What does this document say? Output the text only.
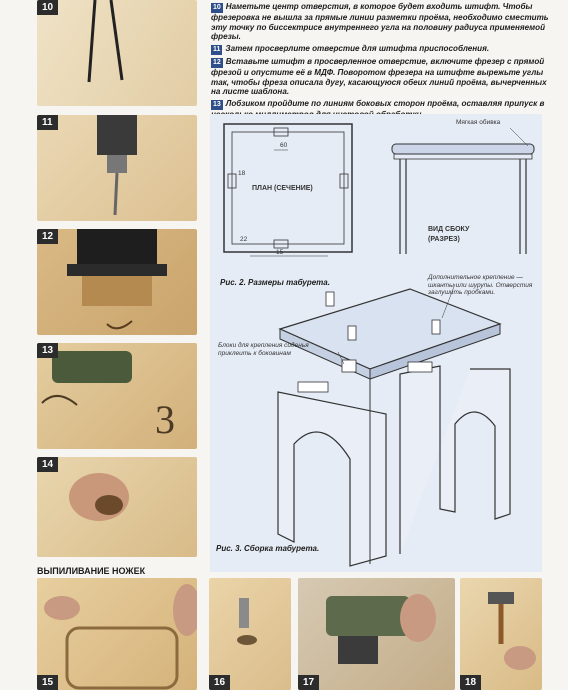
10
11
12
13
3
14

10 Наметьте центр отверстия, в которое будет входить штифт. Чтобы фрезеровка не вышла за прямые линии разметки проёма, необходимо сместить эту точку по биссектрисе внутреннего угла на половину радиуса применяемой фрезы.

11 Затем просверлите отверстие для штифта приспособления.

12 Вставьте штифт в просверленное отверстие, включите фрезер с прямой фрезой и опустите её в МДФ. Поворотом фрезера на штифте вырежьте углы так, чтобы фреза описала дугу, касающуюся обеих линий проёма, вычерченных на листе шаблона.

13 Лобзиком пройдите по линиям боковых сторон проёма, оставляя припуск в

60
15
22
18
ПЛАН (СЕЧЕНИЕ)
ВИД СБОКУ
(РАЗРЕЗ)
Мягкая обивка
Рис. 2. Размеры табурета.
Дополнительное крепление — шканты или шурупы. Отверстия заглушить пробками.
Блоки для крепления сиденья приклеить к боковинам
Рис. 3. Сборка табурета.
ВЫПИЛИВАНИЕ НОЖЕК
15	16	17	18
